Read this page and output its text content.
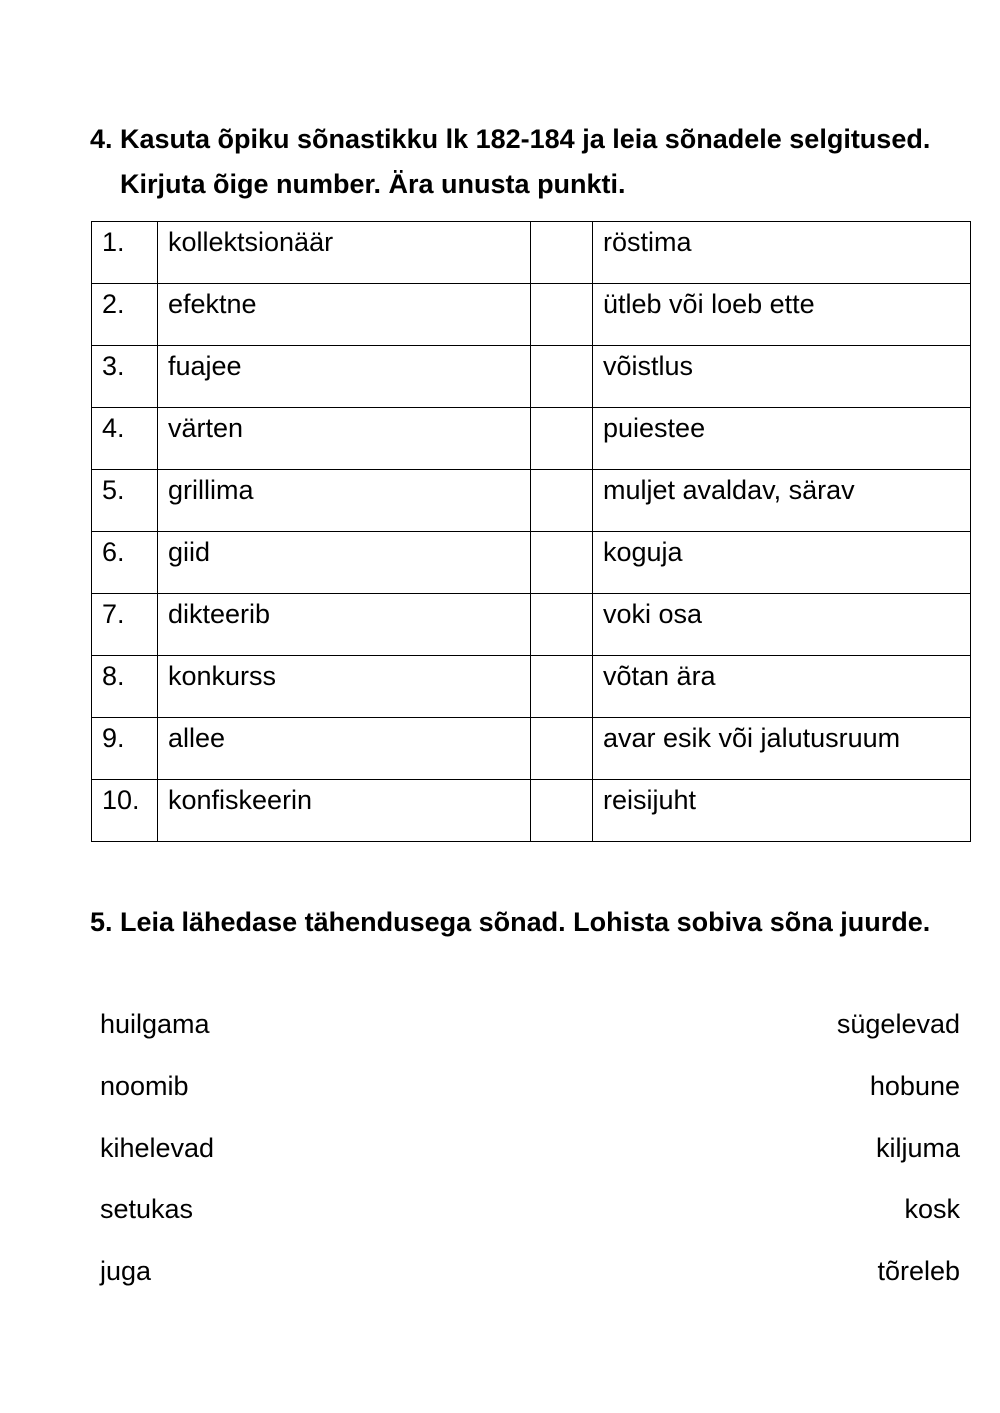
4. Kasuta õpiku sõnastikku lk 182-184 ja leia sõnadele selgitused. Kirjuta õige number. Ära unusta punkti.
1.	kollektsionäär		röstima
2.	efektne		ütleb või loeb ette
3.	fuajee		võistlus
4.	värten		puiestee
5.	grillima		muljet avaldav, särav
6.	giid		koguja
7.	dikteerib		voki osa
8.	konkurss		võtan ära
9.	allee		avar esik või jalutusruum
10.	konfiskeerin		reisijuht
5. Leia lähedase tähendusega sõnad. Lohista sobiva sõna juurde.
huilgama	sügelevad
noomib	hobune
kihelevad	kiljuma
setukas	kosk
juga	tõreleb
